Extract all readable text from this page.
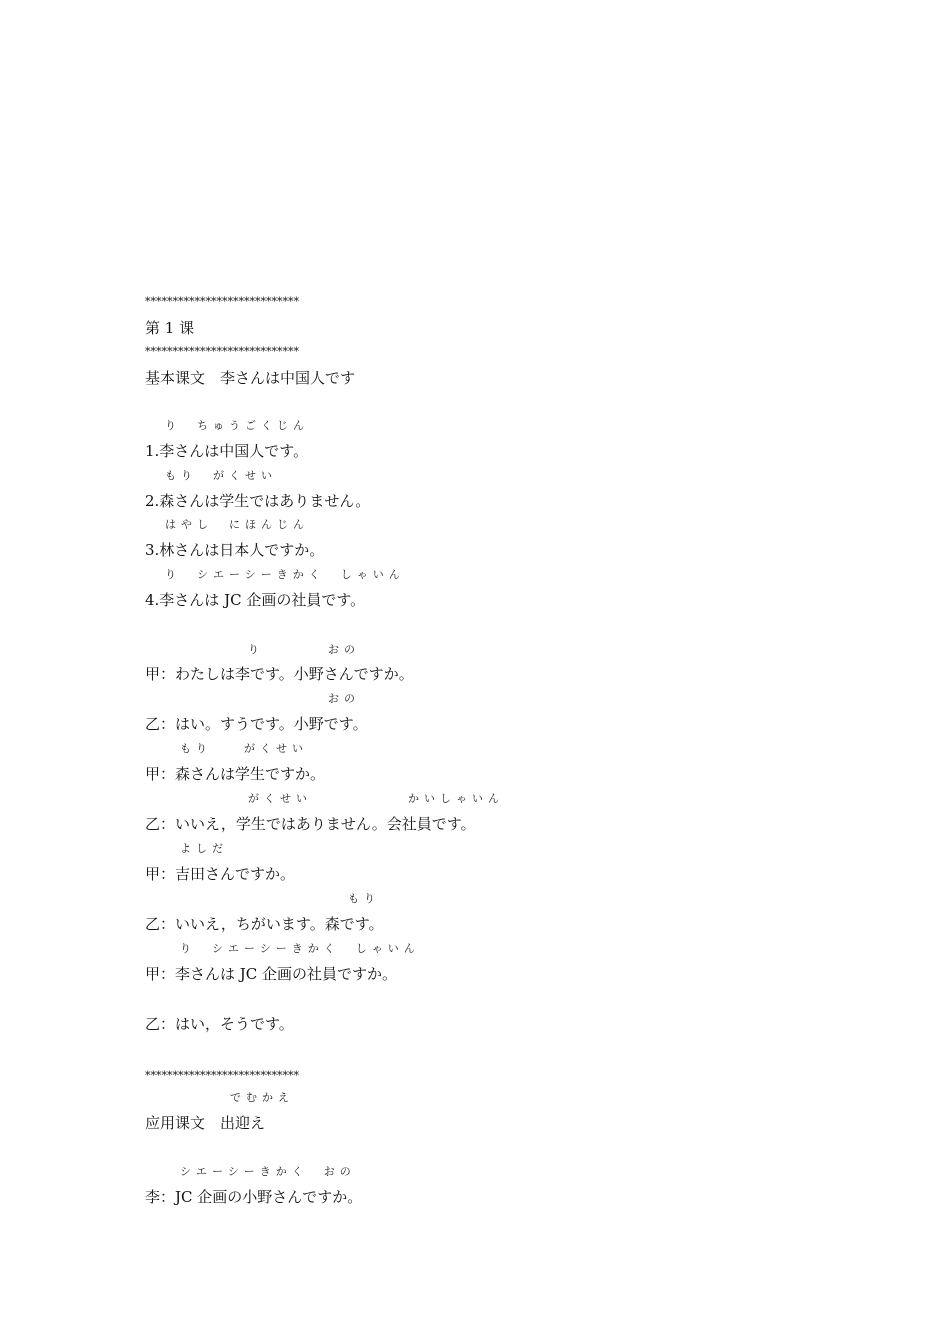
****************************
第 1 课
****************************
基本课文　李さんは中国人です
り　ちゅうごくじん
1.李さんは中国人です。
もり　がくせい
2.森さんは学生ではありません。
はやし　にほんじん
3.林さんは日本人ですか。
り　シエーシーきかく　しゃいん
4.李さんは JC 企画の社員です。
り　　　　おの
甲：わたしは李です。小野さんですか。
おの
乙：はい。すうです。小野です。
もり　　がくせい
甲：森さんは学生ですか。
がくせい　　　　　　かいしゃいん
乙：いいえ，学生ではありません。会社員です。
よしだ
甲：吉田さんですか。
もり
乙：いいえ，ちがいます。森です。
り　シエーシーきかく　しゃいん
甲：李さんは JC 企画の社員ですか。
乙：はい，そうです。
****************************
でむかえ
应用课文　出迎え
シエーシーきかく　おの
李：JC 企画の小野さんですか。
